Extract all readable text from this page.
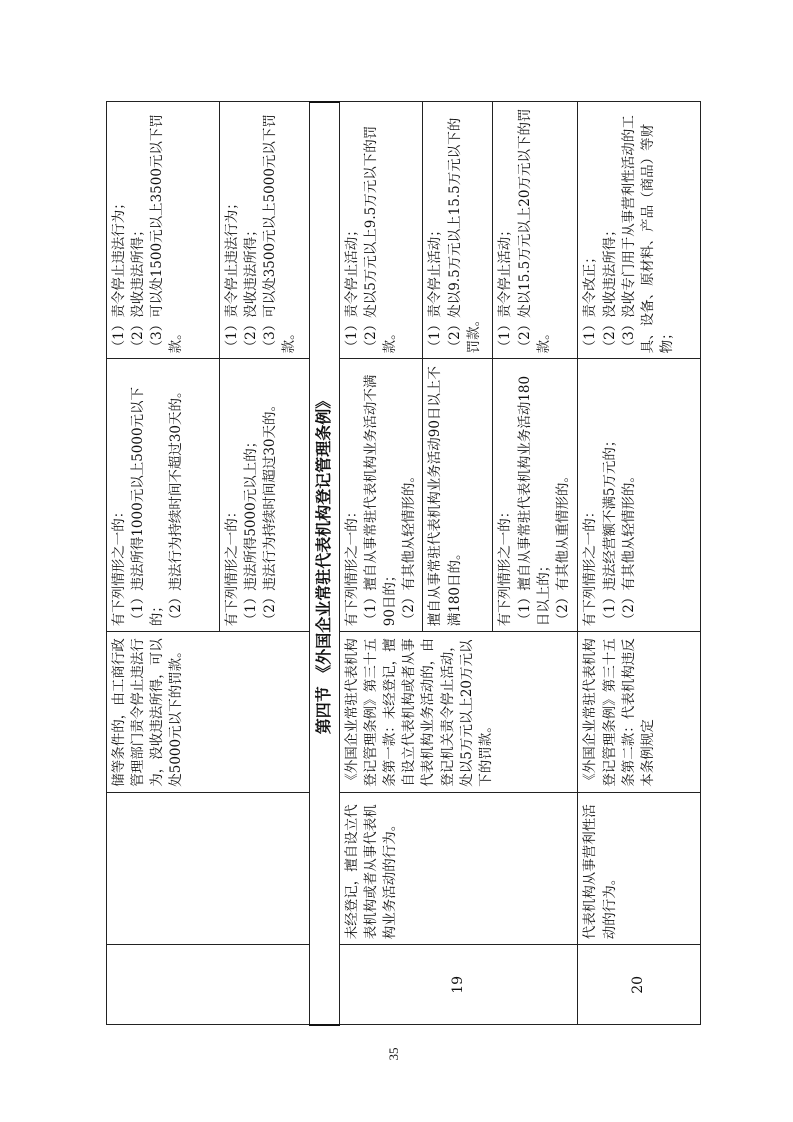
		储等条件的，由工商行政管理部门责令停止违法行为，没收违法所得，可以处5000元以下的罚款。	有下列情形之一的： （1）违法所得1000元以上5000元以下的； （2）违法行为持续时间不超过30天的。	（1）责令停止违法行为； （2）没收违法所得； （3）可以处1500元以上3500元以下罚款。

			有下列情形之一的： （1）违法所得5000元以上的； （2）违法行为持续时间超过30天的。	（1）责令停止违法行为； （2）没收违法所得； （3）可以处3500元以上5000元以下罚款。

第四节 《外国企业常驻代表机构登记管理条例》				
19	未经登记，擅自设立代表机构或者从事代表机构业务活动的行为。	《外国企业常驻代表机构登记管理条例》第三十五条第一款：未经登记，擅自设立代表机构或者从事代表机构业务活动的，由登记机关责令停止活动，处以5万元以上20万元以下的罚款。	有下列情形之一的： （1）擅自从事常驻代表机构业务活动不满90日的； （2）有其他从轻情形的。	（1）责令停止活动； （2）处以5万元以上9.5万元以下的罚款。

			擅自从事常驻代表机构业务活动90日以上不满180日的。	（1）责令停止活动； （2）处以9.5万元以上15.5万元以下的罚款。

			有下列情形之一的： （1）擅自从事常驻代表机构业务活动180日以上的； （2）有其他从重情形的。	（1）责令停止活动； （2）处以15.5万元以上20万元以下的罚款。

20	代表机构从事营利性活动的行为。	《外国企业常驻代表机构登记管理条例》第三十五条第二款：代表机构违反本条例规定	有下列情形之一的： （1）违法经营额不满5万元的； （2）有其他从轻情形的。	（1）责令改正； （2）没收违法所得； （3）没收专门用于从事营利性活动的工具、设备、原材料、产品（商品）等财物；
35
